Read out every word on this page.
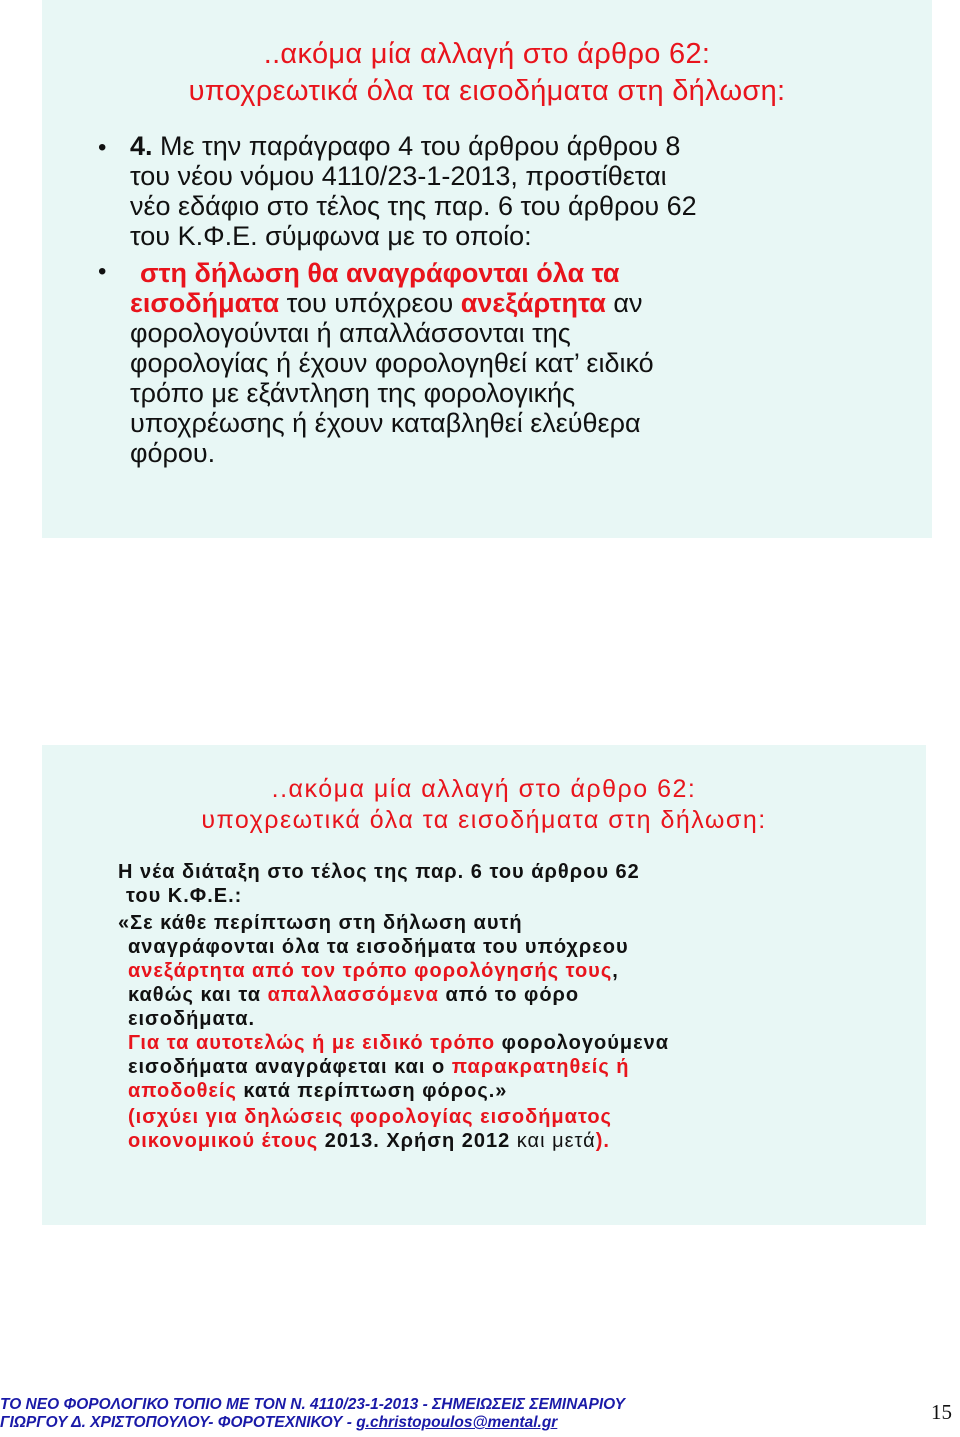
..ακόμα μία αλλαγή στο άρθρο 62:
υποχρεωτικά όλα τα εισοδήματα στη δήλωση:
• 4. Με την παράγραφο 4 του άρθρου άρθρου 8
του νέου νόμου 4110/23-1-2013, προστίθεται
νέο εδάφιο στο τέλος της παρ. 6 του άρθρου 62
του Κ.Φ.Ε. σύμφωνα με το οποίο:
•	στη δήλωση θα αναγράφονται όλα τα
εισοδήματα του υπόχρεου ανεξάρτητα αν
φορολογούνται ή απαλλάσσονται της
φορολογίας ή έχουν φορολογηθεί κατ’ ειδικό
τρόπο με εξάντληση της φορολογικής
υποχρέωσης ή έχουν καταβληθεί ελεύθερα
φόρου.
..ακόμα μία αλλαγή στο άρθρο 62:
υποχρεωτικά όλα τα εισοδήματα στη δήλωση:
Η νέα διάταξη στο τέλος της παρ. 6 του άρθρου 62
του Κ.Φ.Ε.:
«Σε κάθε περίπτωση στη δήλωση αυτή
αναγράφονται όλα τα εισοδήματα του υπόχρεου
ανεξάρτητα από τον τρόπο φορολόγησής τους,
καθώς και τα απαλλασσόμενα από το φόρο
εισοδήματα.
Για τα αυτοτελώς ή με ειδικό τρόπο φορολογούμενα
εισοδήματα αναγράφεται και ο παρακρατηθείς ή
αποδοθείς κατά περίπτωση φόρος.»
(ισχύει για δηλώσεις φορολογίας εισοδήματος
οικονομικού έτους 2013. Χρήση 2012 και μετά).
ΤΟ ΝΕΟ ΦΟΡΟΛΟΓΙΚΟ ΤΟΠΙΟ ΜΕ ΤΟΝ Ν. 4110/23-1-2013 - ΣΗΜΕΙΩΣΕΙΣ ΣΕΜΙΝΑΡΙΟΥ
ΓΙΩΡΓΟΥ Δ. ΧΡΙΣΤΟΠΟΥΛΟΥ- ΦΟΡΟΤΕΧΝΙΚΟΥ - g.christopoulos@mental.gr	15
